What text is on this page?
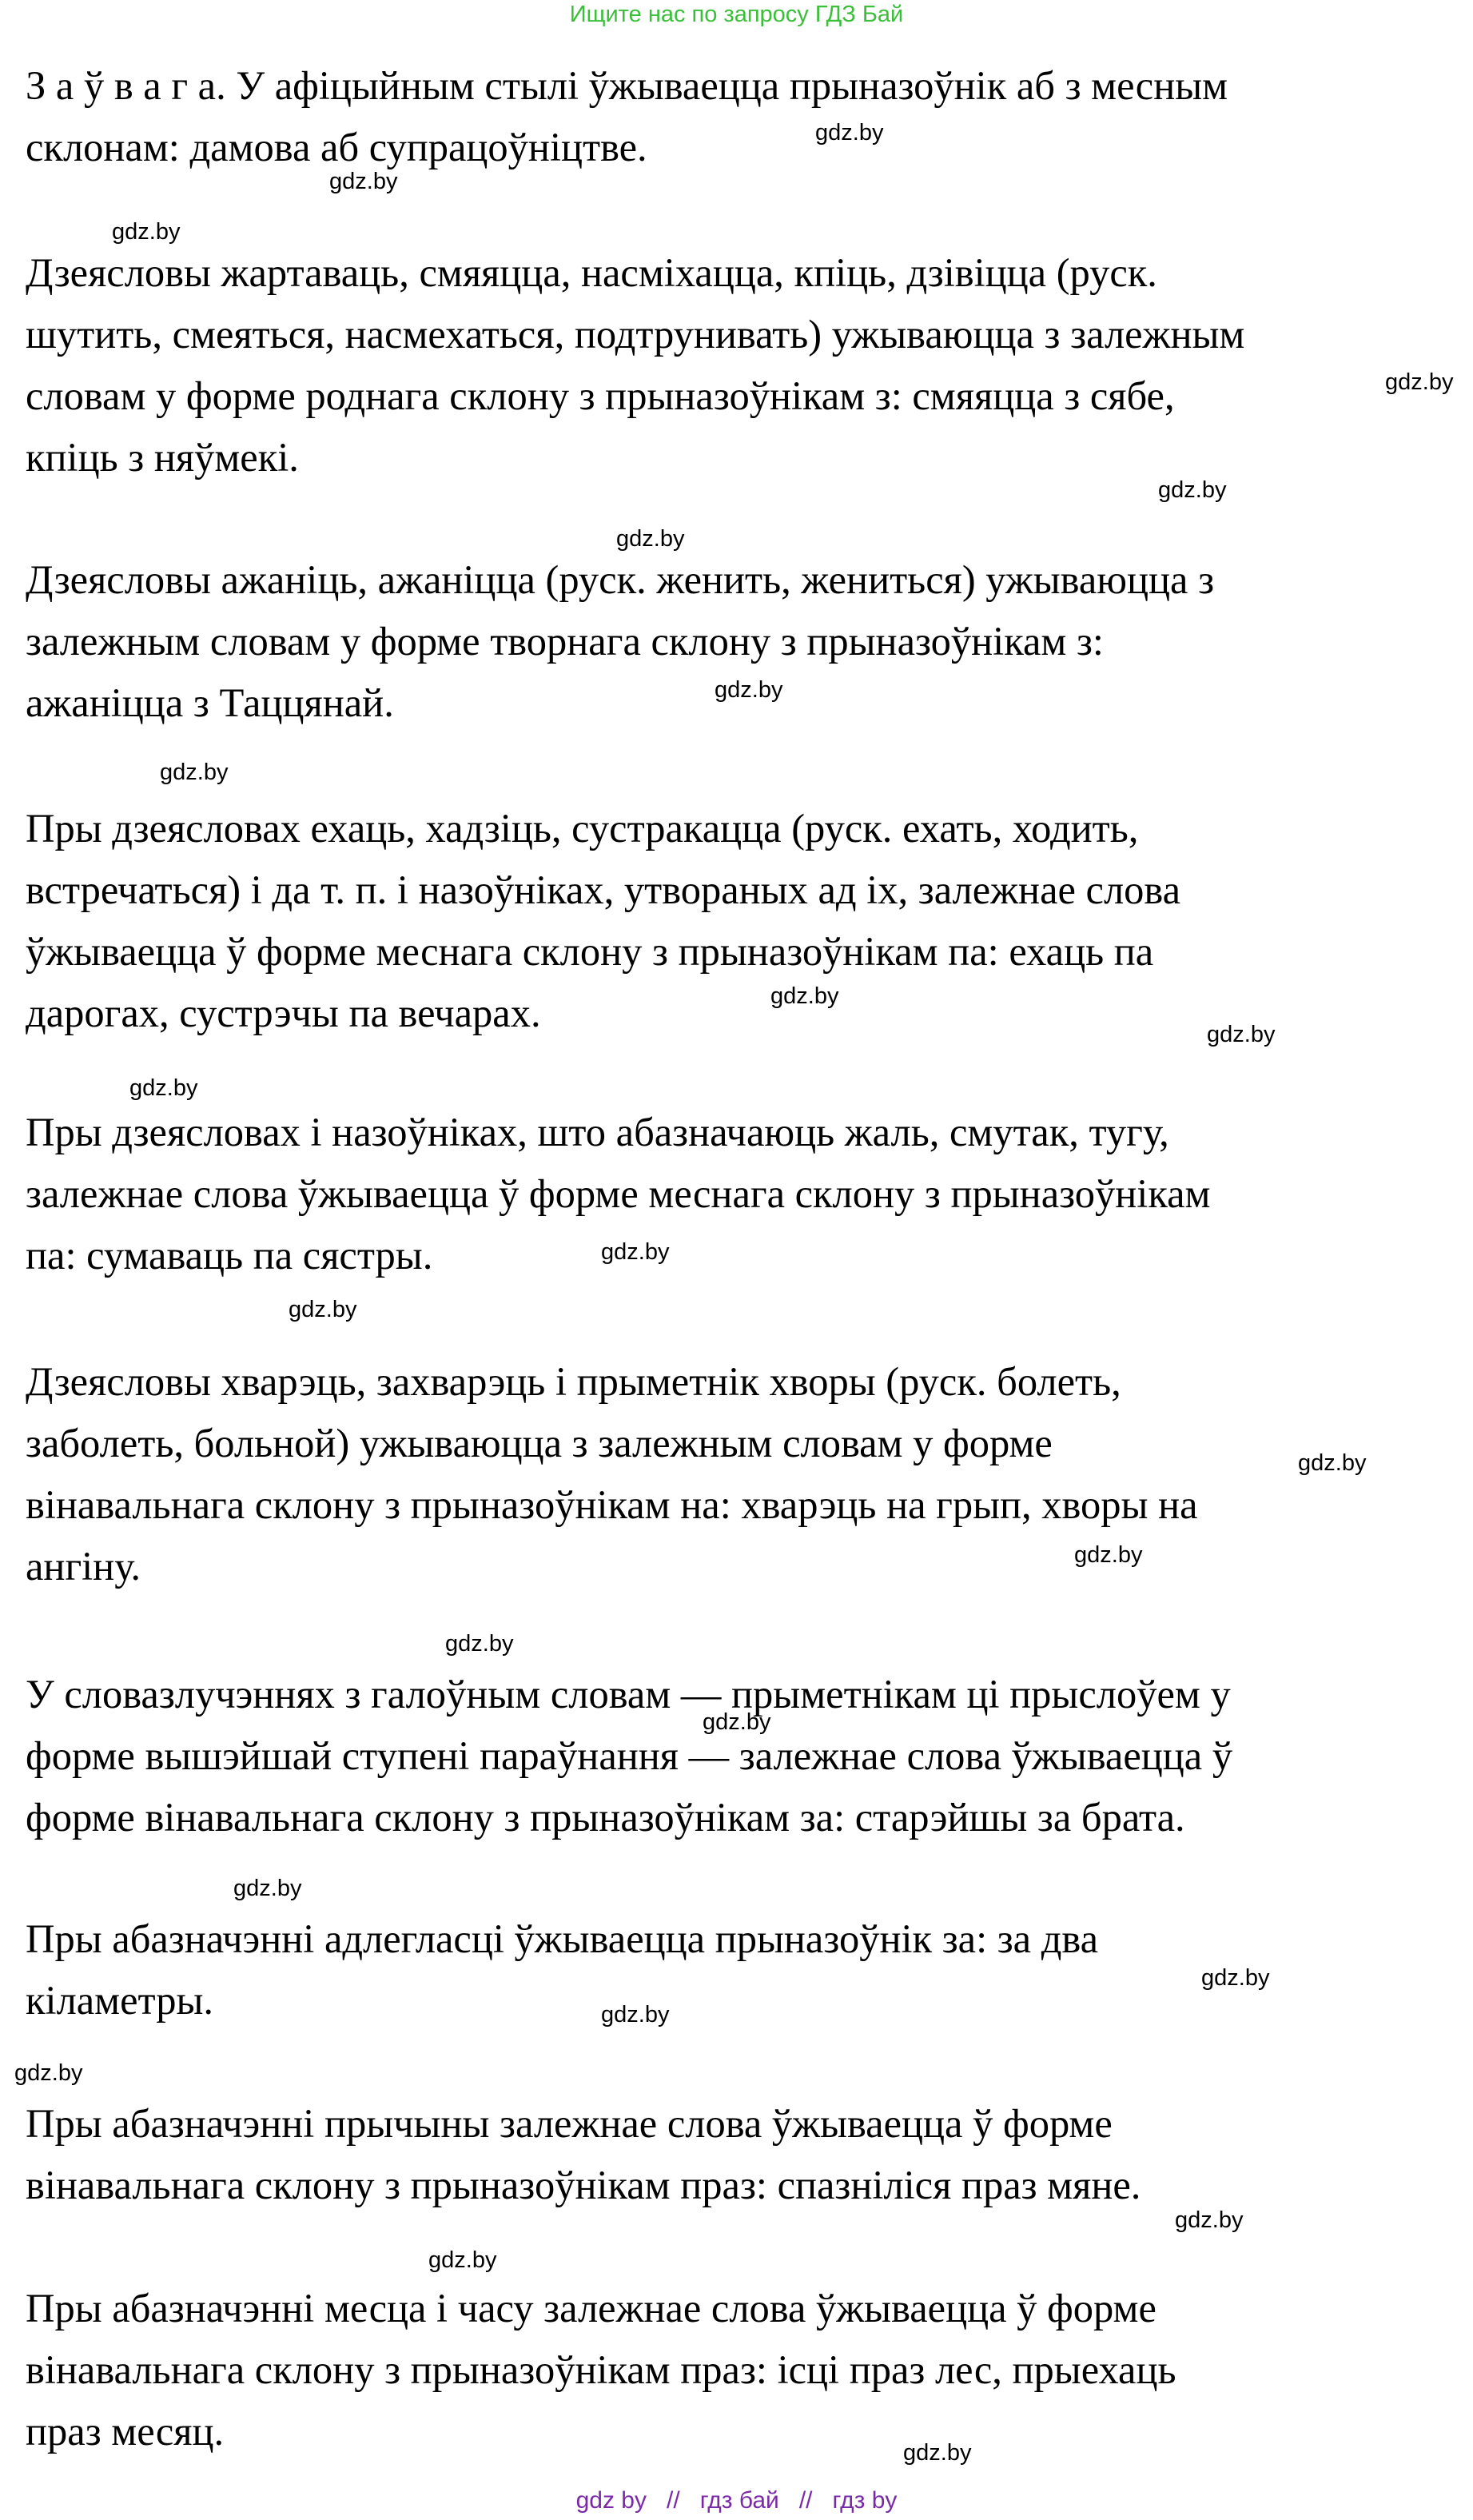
Ищите нас по запросу ГДЗ Бай
З а ў в а г а. У афіцыйным стылі ўжываецца прыназоўнік аб з месным
склонам: дамова аб супрацоўніцтве.
Дзеясловы жартаваць, смяяцца, насміхацца, кпіць, дзівіцца (руск.
шутить, смеяться, насмехаться, подтрунивать) ужываюцца з залежным
словам у форме роднага склону з прыназоўнікам з: смяяцца з сябе,
кпіць з няўмекі.
Дзеясловы ажаніць, ажаніцца (руск. женить, жениться) ужываюцца з
залежным словам у форме творнага склону з прыназоўнікам з:
ажаніцца з Таццянай.
Пры дзеясловах ехаць, хадзіць, сустракацца (руск. ехать, ходить,
встречаться) і да т. п. і назоўніках, утвораных ад іх, залежнае слова
ўжываецца ў форме меснага склону з прыназоўнікам па: ехаць па
дарогах, сустрэчы па вечарах.
Пры дзеясловах і назоўніках, што абазначаюць жаль, смутак, тугу,
залежнае слова ўжываецца ў форме меснага склону з прыназоўнікам
па: сумаваць па сястры.
Дзеясловы хварэць, захварэць і прыметнік хворы (руск. болеть,
заболеть, больной) ужываюцца з залежным словам у форме
вінавальнага склону з прыназоўнікам на: хварэць на грып, хворы на
ангіну.
У словазлучэннях з галоўным словам — прыметнікам ці прыслоўем у
форме вышэйшай ступені параўнання — залежнае слова ўжываецца ў
форме вінавальнага склону з прыназоўнікам за: старэйшы за брата.
Пры абазначэнні адлегласці ўжываецца прыназоўнік за: за два
кіламетры.
Пры абазначэнні прычыны залежнае слова ўжываецца ў форме
вінавальнага склону з прыназоўнікам праз: спазніліся праз мяне.
Пры абазначэнні месца і часу залежнае слова ўжываецца ў форме
вінавальнага склону з прыназоўнікам праз: ісці праз лес, прыехаць
праз месяц.
gdz.by
gdz.by
gdz.by
gdz.by
gdz.by
gdz.by
gdz.by
gdz.by
gdz.by
gdz.by
gdz.by
gdz.by
gdz.by
gdz.by
gdz.by
gdz.by
gdz.by
gdz.by
gdz.by
gdz.by
gdz.by
gdz.by
gdz.by
gdz.by
gdz by // гдз бай // гдз by
